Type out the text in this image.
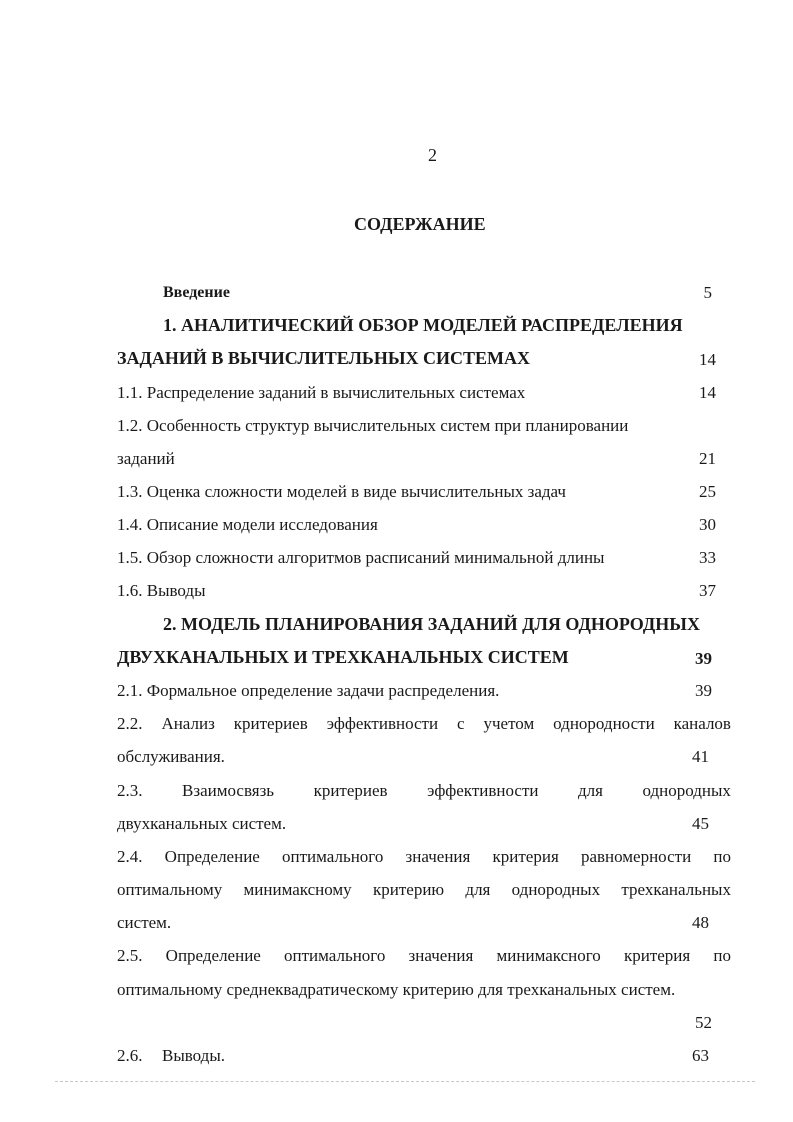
2
СОДЕРЖАНИЕ
Введение	5
1. АНАЛИТИЧЕСКИЙ ОБЗОР МОДЕЛЕЙ РАСПРЕДЕЛЕНИЯ
ЗАДАНИЙ В ВЫЧИСЛИТЕЛЬНЫХ СИСТЕМАХ	14
1.1. Распределение заданий в вычислительных системах	14
1.2. Особенность структур вычислительных систем при планировании
заданий	21
1.3. Оценка сложности моделей в виде вычислительных задач	25
1.4. Описание модели исследования	30
1.5. Обзор сложности алгоритмов расписаний минимальной длины	33
1.6. Выводы	37
2. МОДЕЛЬ ПЛАНИРОВАНИЯ ЗАДАНИЙ ДЛЯ ОДНОРОДНЫХ
ДВУХКАНАЛЬНЫХ И ТРЕХКАНАЛЬНЫХ СИСТЕМ	39
2.1. Формальное определение задачи распределения.	39
2.2. Анализ критериев эффективности с учетом однородности каналов
обслуживания.	41
2.3. Взаимосвязь критериев эффективности для однородных
двухканальных систем.	45
2.4. Определение оптимального значения критерия равномерности по
оптимальному минимаксному критерию для однородных трехканальных
систем.	48
2.5. Определение оптимального значения минимаксного критерия по
оптимальному среднеквадратическому критерию для трехканальных систем.
52
2.6. Выводы.	63
